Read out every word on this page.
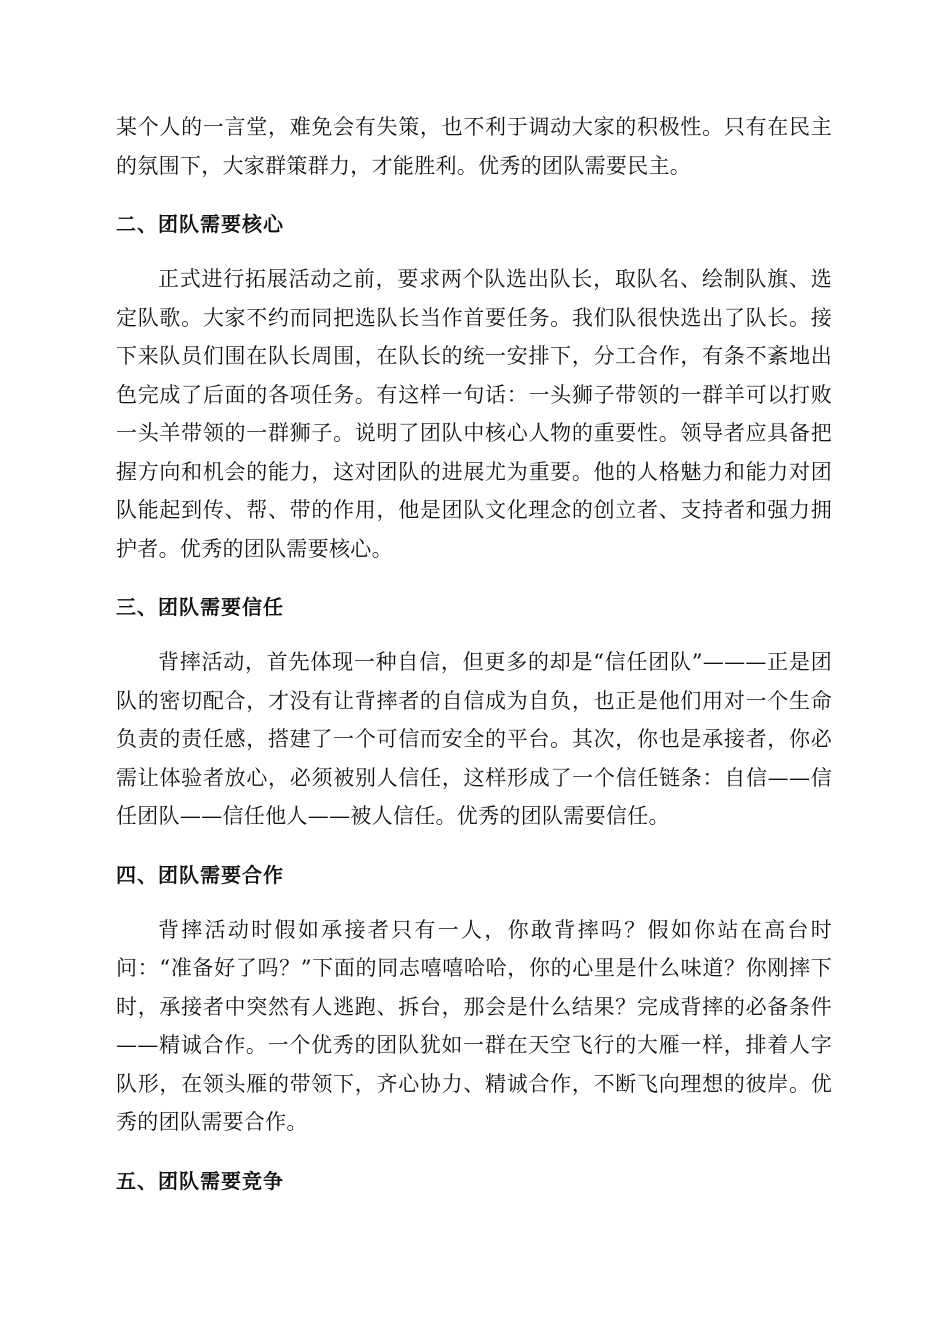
某个人的一言堂，难免会有失策，也不利于调动大家的积极性。只有在民主的氛围下，大家群策群力，才能胜利。优秀的团队需要民主。

二、团队需要核心

正式进行拓展活动之前，要求两个队选出队长，取队名、绘制队旗、选定队歌。大家不约而同把选队长当作首要任务。我们队很快选出了队长。接下来队员们围在队长周围，在队长的统一安排下，分工合作，有条不紊地出色完成了后面的各项任务。有这样一句话：一头狮子带领的一群羊可以打败一头羊带领的一群狮子。说明了团队中核心人物的重要性。领导者应具备把握方向和机会的能力，这对团队的进展尤为重要。他的人格魅力和能力对团队能起到传、帮、带的作用，他是团队文化理念的创立者、支持者和强力拥护者。优秀的团队需要核心。

三、团队需要信任

背摔活动，首先体现一种自信，但更多的却是“信任团队”———正是团队的密切配合，才没有让背摔者的自信成为自负，也正是他们用对一个生命负责的责任感，搭建了一个可信而安全的平台。其次，你也是承接者，你必需让体验者放心，必须被别人信任，这样形成了一个信任链条：自信——信任团队——信任他人——被人信任。优秀的团队需要信任。

四、团队需要合作

背摔活动时假如承接者只有一人，你敢背摔吗？假如你站在高台时问：“准备好了吗？”下面的同志嘻嘻哈哈，你的心里是什么味道？你刚摔下时，承接者中突然有人逃跑、拆台，那会是什么结果？完成背摔的必备条件——精诚合作。一个优秀的团队犹如一群在天空飞行的大雁一样，排着人字队形，在领头雁的带领下，齐心协力、精诚合作，不断飞向理想的彼岸。优秀的团队需要合作。

五、团队需要竞争
